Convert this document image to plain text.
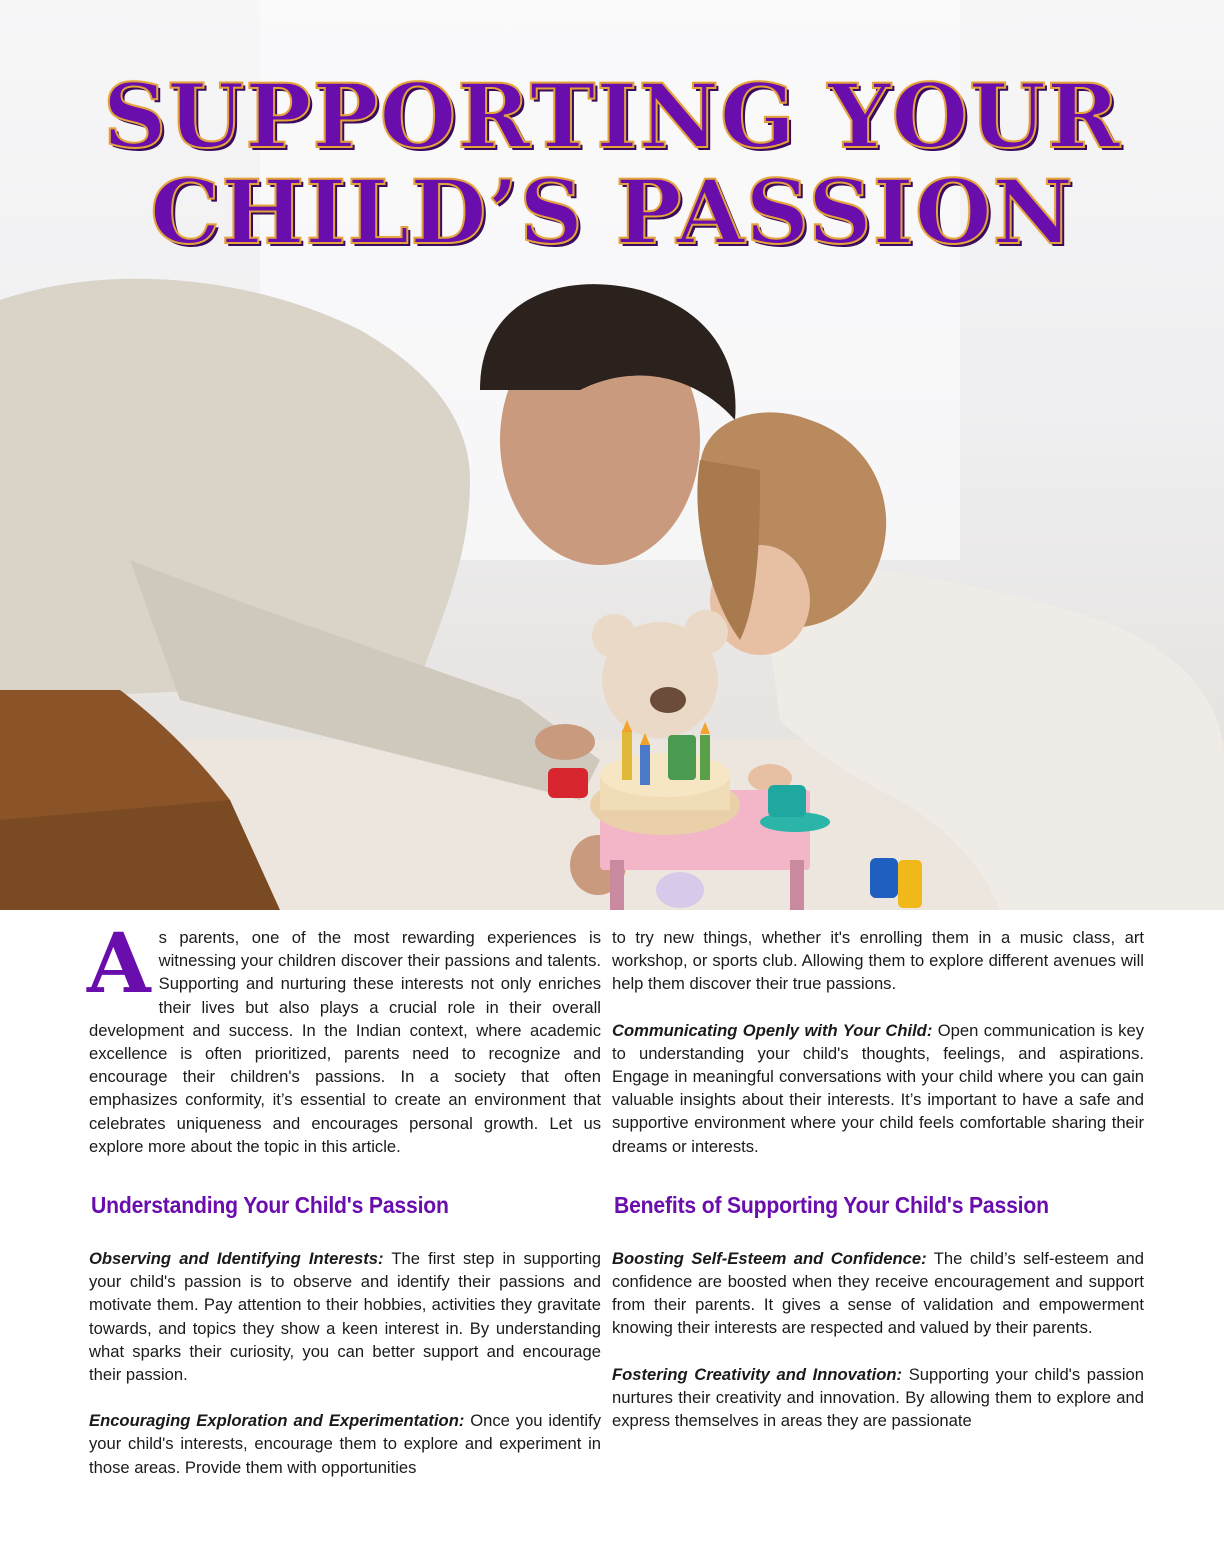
SUPPORTING YOUR
CHILD’S PASSION

As parents, one of the most rewarding experiences is witnessing your children discover their passions and talents. Supporting and nurturing these interests not only enriches their lives but also plays a crucial role in their overall development and success. In the Indian context, where academic excellence is often prioritized, parents need to recognize and encourage their children's passions. In a society that often emphasizes conformity, it’s essential to create an environment that celebrates uniqueness and encourages personal growth. Let us explore more about the topic in this article.

Understanding Your Child's Passion

Observing and Identifying Interests: The first step in supporting your child's passion is to observe and identify their passions and motivate them. Pay attention to their hobbies, activities they gravitate towards, and topics they show a keen interest in. By understanding what sparks their curiosity, you can better support and encourage their passion.

Encouraging Exploration and Experimentation: Once you identify your child's interests, encourage them to explore and experiment in those areas. Provide them with opportunities

to try new things, whether it's enrolling them in a music class, art workshop, or sports club. Allowing them to explore different avenues will help them discover their true passions.

Communicating Openly with Your Child: Open communication is key to understanding your child's thoughts, feelings, and aspirations. Engage in meaningful conversations with your child where you can gain valuable insights about their interests. It’s important to have a safe and supportive environment where your child feels comfortable sharing their dreams or interests.

Benefits of Supporting Your Child's Passion

Boosting Self-Esteem and Confidence: The child’s self-esteem and confidence are boosted when they receive encouragement and support from their parents. It gives a sense of validation and empowerment knowing their interests are respected and valued by their parents.

Fostering Creativity and Innovation: Supporting your child's passion nurtures their creativity and innovation. By allowing them to explore and express themselves in areas they are passionate
